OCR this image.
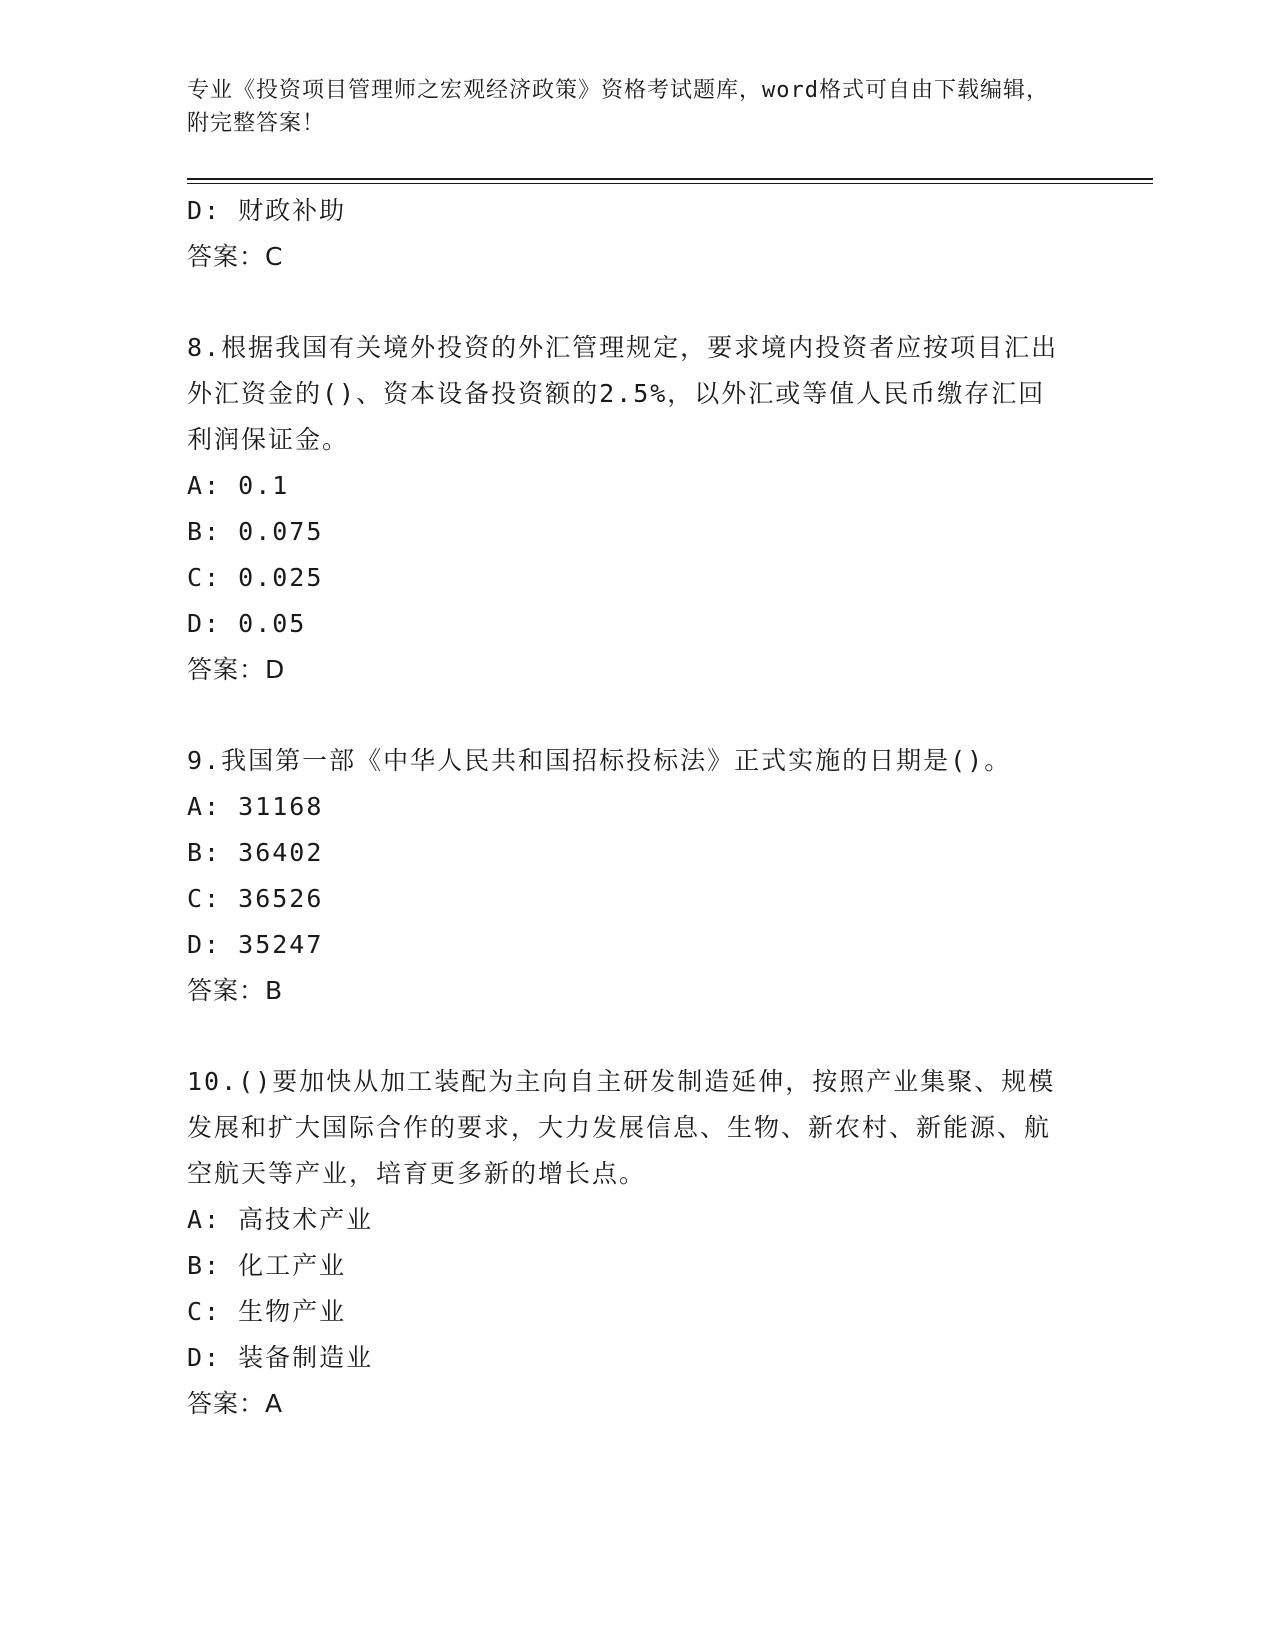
专业《投资项目管理师之宏观经济政策》资格考试题库，word格式可自由下载编辑，附完整答案！
D: 财政补助
答案：C
8.根据我国有关境外投资的外汇管理规定，要求境内投资者应按项目汇出外汇资金的()、资本设备投资额的2.5%，以外汇或等值人民币缴存汇回利润保证金。
A: 0.1
B: 0.075
C: 0.025
D: 0.05
答案：D
9.我国第一部《中华人民共和国招标投标法》正式实施的日期是()。
A: 31168
B: 36402
C: 36526
D: 35247
答案：B
10.()要加快从加工装配为主向自主研发制造延伸，按照产业集聚、规模发展和扩大国际合作的要求，大力发展信息、生物、新农村、新能源、航空航天等产业，培育更多新的增长点。
A: 高技术产业
B: 化工产业
C: 生物产业
D: 装备制造业
答案：A
